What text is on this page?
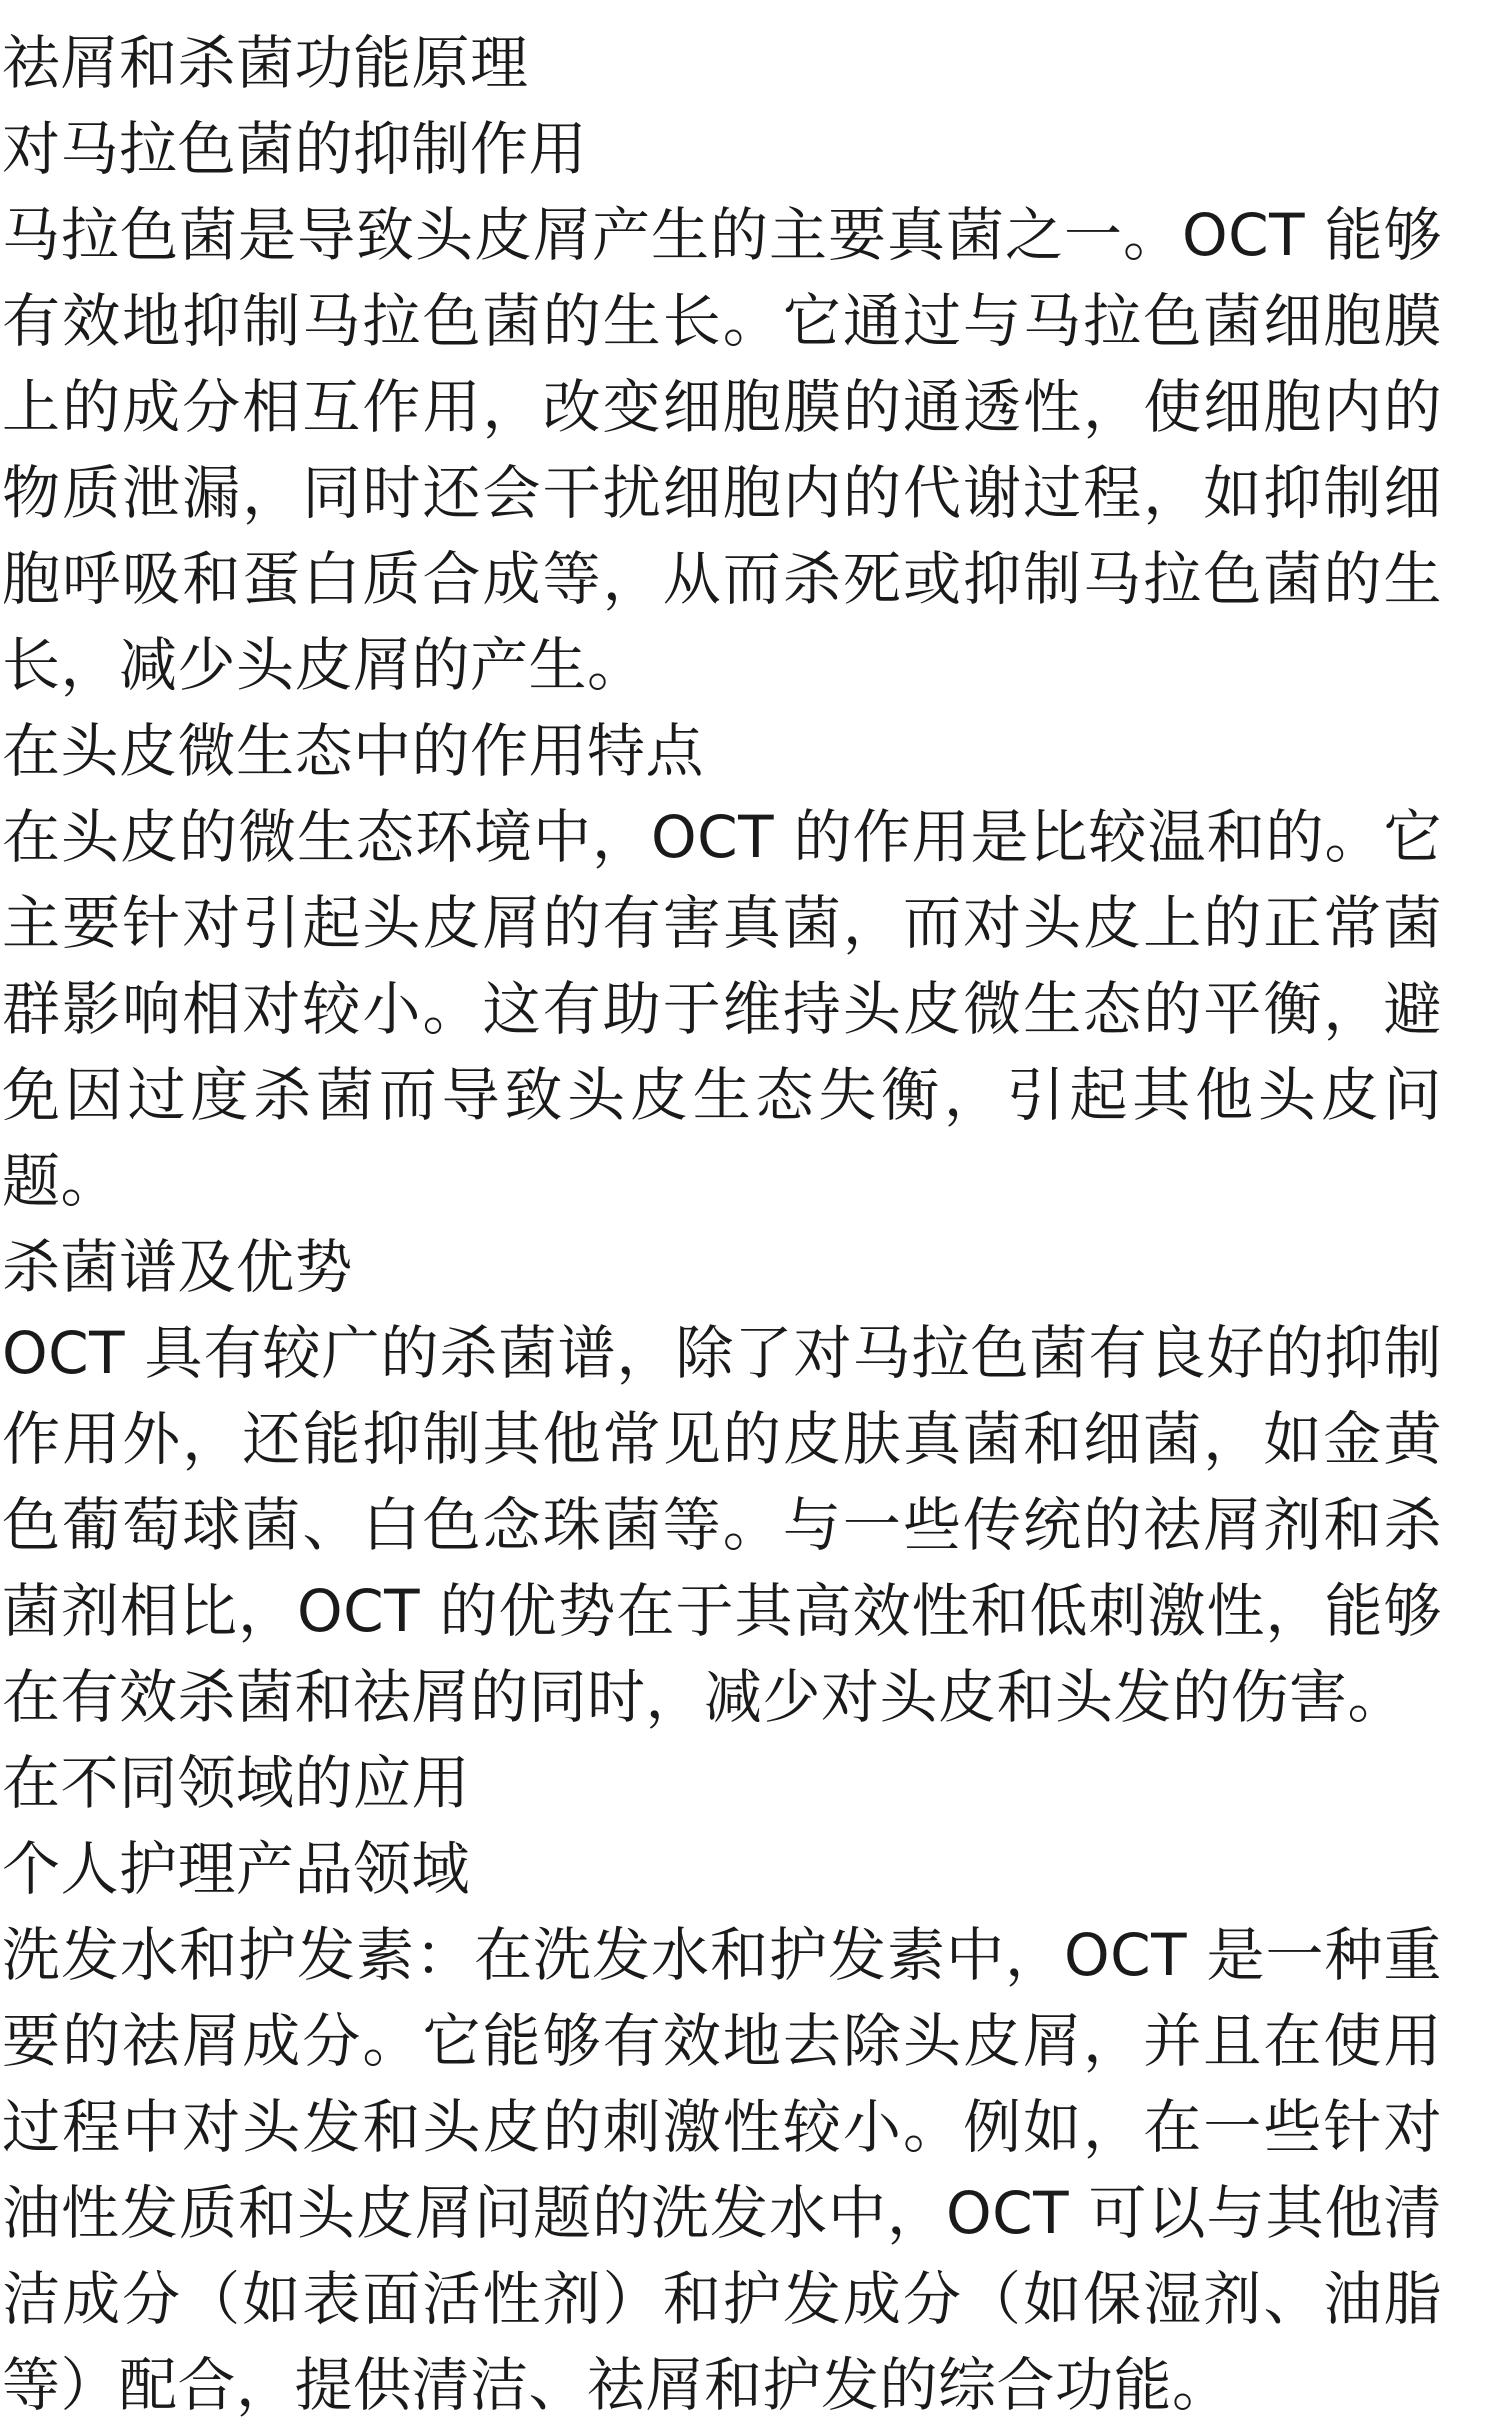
祛屑和杀菌功能原理
对马拉色菌的抑制作用

马拉色菌是导致头皮屑产生的主要真菌之一。OCT 能够有效地抑制马拉色菌的生长。它通过与马拉色菌细胞膜上的成分相互作用，改变细胞膜的通透性，使细胞内的物质泄漏，同时还会干扰细胞内的代谢过程，如抑制细胞呼吸和蛋白质合成等，从而杀死或抑制马拉色菌的生长，减少头皮屑的产生。

在头皮微生态中的作用特点

在头皮的微生态环境中，OCT 的作用是比较温和的。它主要针对引起头皮屑的有害真菌，而对头皮上的正常菌群影响相对较小。这有助于维持头皮微生态的平衡，避免因过度杀菌而导致头皮生态失衡，引起其他头皮问题。

杀菌谱及优势

OCT 具有较广的杀菌谱，除了对马拉色菌有良好的抑制作用外，还能抑制其他常见的皮肤真菌和细菌，如金黄色葡萄球菌、白色念珠菌等。与一些传统的祛屑剂和杀菌剂相比，OCT 的优势在于其高效性和低刺激性，能够在有效杀菌和祛屑的同时，减少对头皮和头发的伤害。

在不同领域的应用
个人护理产品领域

洗发水和护发素：在洗发水和护发素中，OCT 是一种重要的祛屑成分。它能够有效地去除头皮屑，并且在使用过程中对头发和头皮的刺激性较小。例如，在一些针对油性发质和头皮屑问题的洗发水中，OCT 可以与其他清洁成分（如表面活性剂）和护发成分（如保湿剂、油脂等）配合，提供清洁、祛屑和护发的综合功能。
